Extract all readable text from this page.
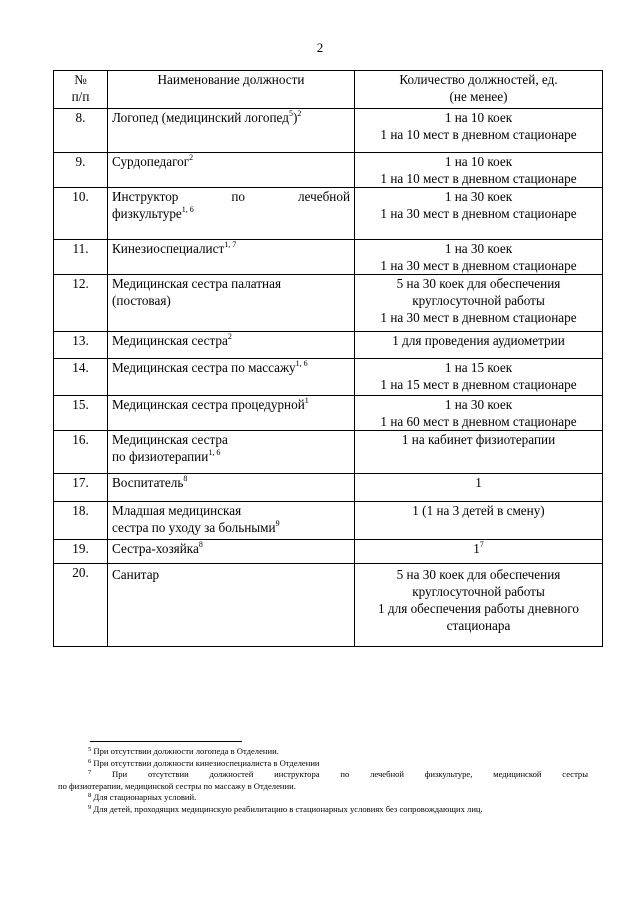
2
№
п/п	Наименование должности	Количество должностей, ед.
(не менее)

8.	Логопед (медицинский логопед$^5$)$^2$	1 на 10 коек
1 на 10 мест в дневном стационаре

9.	Сурдопедагог$^2$	1 на 10 коек
1 на 10 мест в дневном стационаре

10.	Инструктор по лечебной
физкультуре$^{1, 6}$	1 на 30 коек
1 на 30 мест в дневном стационаре

11.	Кинезиоспециалист$^{1, 7}$	1 на 30 коек
1 на 30 мест в дневном стационаре

12.	Медицинская сестра палатная
(постовая)	5 на 30 коек для обеспечения
круглосуточной работы
1 на 30 мест в дневном стационаре

13.	Медицинская сестра$^2$	1 для проведения аудиометрии

14.	Медицинская сестра по массажу$^{1, 6}$	1 на 15 коек
1 на 15 мест в дневном стационаре

15.	Медицинская сестра процедурной$^1$	1 на 30 коек
1 на 60 мест в дневном стационаре

16.	Медицинская сестра
по физиотерапии$^{1, 6}$	1 на кабинет физиотерапии

17.	Воспитатель$^8$	1

18.	Младшая медицинская
сестра по уходу за больными$^9$	1 (1 на 3 детей в смену)

19.	Сестра-хозяйка$^8$	$1^7$
20.	Санитар	5 на 30 коек для обеспечения
круглосуточной работы
1 для обеспечения работы дневного
стационара
$^5$ При отсутствии должности логопеда в Отделении.
$^6$ При отсутствии должности кинезиоспециалиста в Отделении
$^7$ При отсутствии должностей инструктора по лечебной физкультуре, медицинской сестры
по физиотерапии, медицинской сестры по массажу в Отделении.
$^8$ Для стационарных условий.
$^9$ Для детей, проходящих медицинскую реабилитацию в стационарных условиях без сопровождающих лиц.
